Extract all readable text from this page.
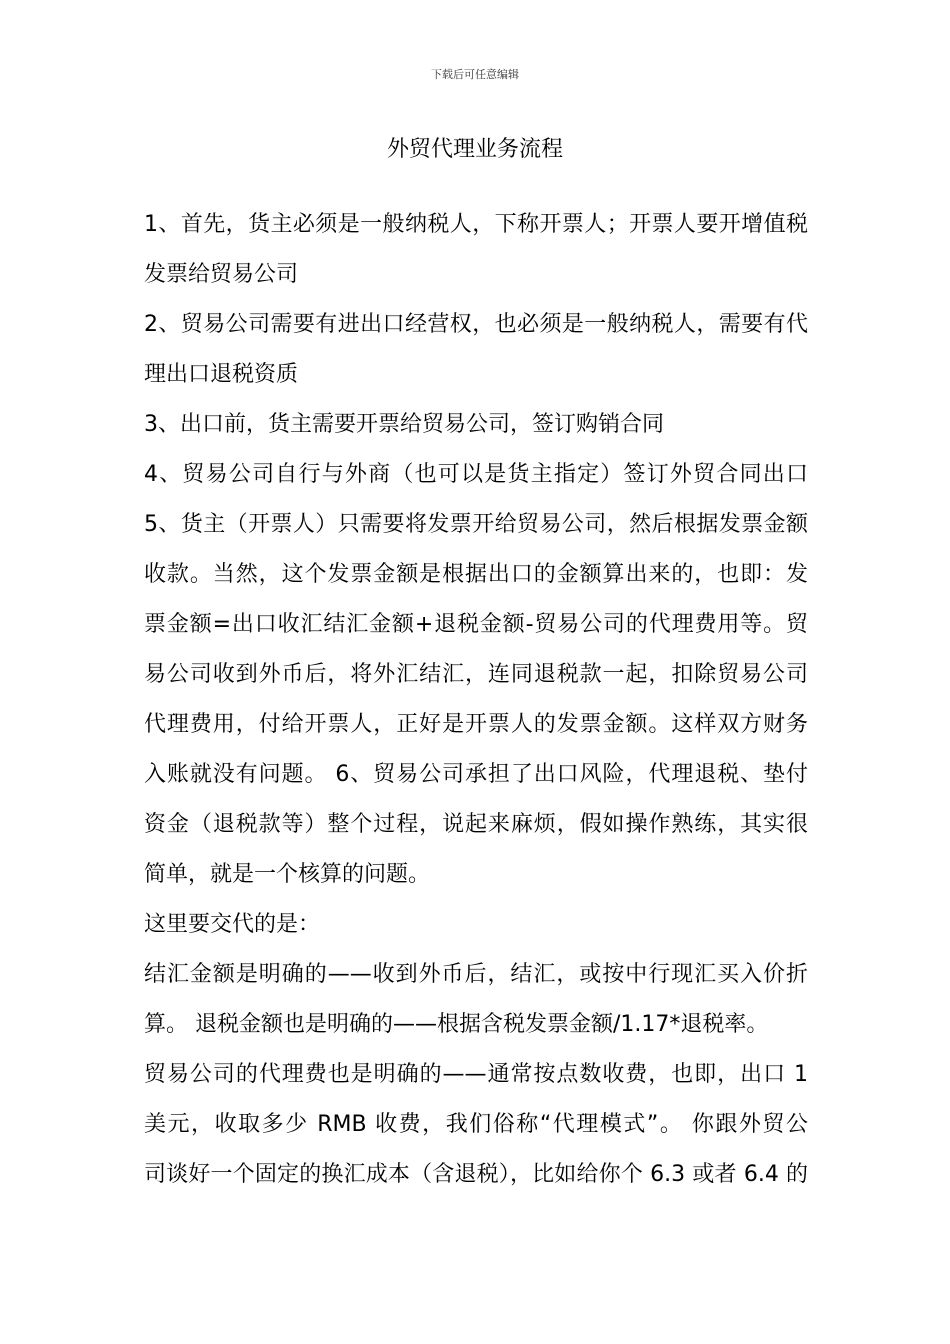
下载后可任意编辑
外贸代理业务流程
1、首先，货主必须是一般纳税人，下称开票人；开票人要开增值税
发票给贸易公司
2、贸易公司需要有进出口经营权，也必须是一般纳税人，需要有代
理出口退税资质
3、出口前，货主需要开票给贸易公司，签订购销合同
4、贸易公司自行与外商（也可以是货主指定）签订外贸合同出口
5、货主（开票人）只需要将发票开给贸易公司，然后根据发票金额
收款。当然，这个发票金额是根据出口的金额算出来的，也即：发
票金额=出口收汇结汇金额+退税金额-贸易公司的代理费用等。贸
易公司收到外币后，将外汇结汇，连同退税款一起，扣除贸易公司
代理费用，付给开票人，正好是开票人的发票金额。这样双方财务
入账就没有问题。 6、贸易公司承担了出口风险，代理退税、垫付
资金（退税款等）整个过程，说起来麻烦，假如操作熟练，其实很
简单，就是一个核算的问题。
这里要交代的是：
结汇金额是明确的——收到外币后，结汇，或按中行现汇买入价折
算。 退税金额也是明确的——根据含税发票金额/1.17*退税率。
贸易公司的代理费也是明确的——通常按点数收费，也即，出口 1
美元，收取多少 RMB 收费，我们俗称“代理模式”。 你跟外贸公
司谈好一个固定的换汇成本（含退税），比如给你个 6.3 或者 6.4 的
